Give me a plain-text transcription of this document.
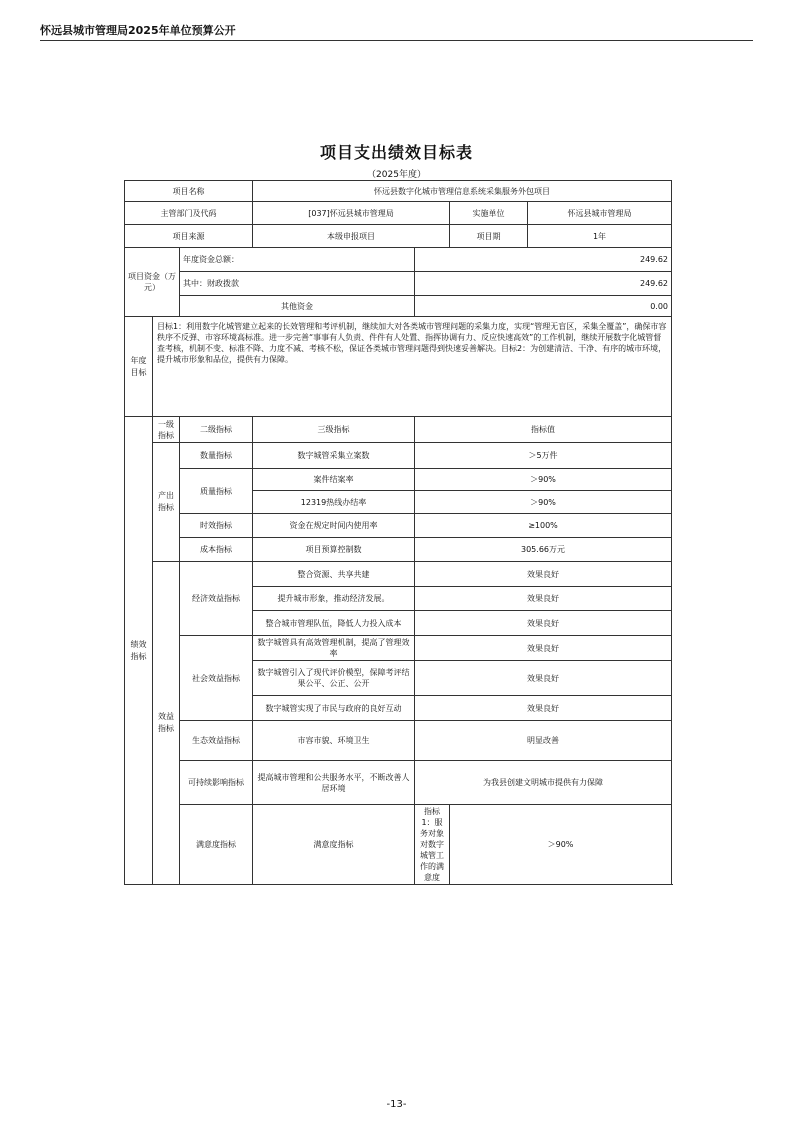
怀远县城市管理局2025年单位预算公开
项目支出绩效目标表
（2025年度）
项目名称			怀远县数字化城市管理信息系统采集服务外包项目			
主管部门及代码			[037]怀远县城市管理局		实施单位	怀远县城市管理局
项目来源			本级申报项目		项目期	1年
项目资金（万元）		年度资金总额：		249.62		
		其中：财政拨款		249.62		
		其他资金		0.00		
年度目标	目标1：利用数字化城管建立起来的长效管理和考评机制，继续加大对各类城市管理问题的采集力度，实现“管理无盲区，采集全覆盖”，确保市容秩序不反弹、市容环境高标准。进一步完善“事事有人负责、件件有人处置、指挥协调有力、反应快速高效”的工作机制，继续开展数字化城管督查考核，机制不变、标准不降、力度不减、考核不松，保证各类城市管理问题得到快速妥善解决。目标2：为创建清洁、干净、有序的城市环境，提升城市形象和品位，提供有力保障。					
绩效指标	一级指标	二级指标	三级指标	指标值		
	产出指标	数量指标	数字城管采集立案数	＞5万件		
		质量指标	案件结案率	＞90%		
			12319热线办结率	＞90%		
		时效指标	资金在规定时间内使用率	≥100%		
		成本指标	项目预算控制数	305.66万元		
	效益指标	经济效益指标	整合资源、共享共建	效果良好		
			提升城市形象，推动经济发展。	效果良好		
			整合城市管理队伍，降低人力投入成本	效果良好		
		社会效益指标	数字城管具有高效管理机制，提高了管理效率	效果良好		
			数字城管引入了现代评价模型，保障考评结果公平、公正、公开	效果良好		
			数字城管实现了市民与政府的良好互动	效果良好		
		生态效益指标	市容市貌、环境卫生	明显改善		
		可持续影响指标	提高城市管理和公共服务水平，不断改善人居环境	为我县创建文明城市提供有力保障		
		满意度指标	满意度指标	指标1：服务对象对数字城管工作的满意度	＞90%	
-13-
